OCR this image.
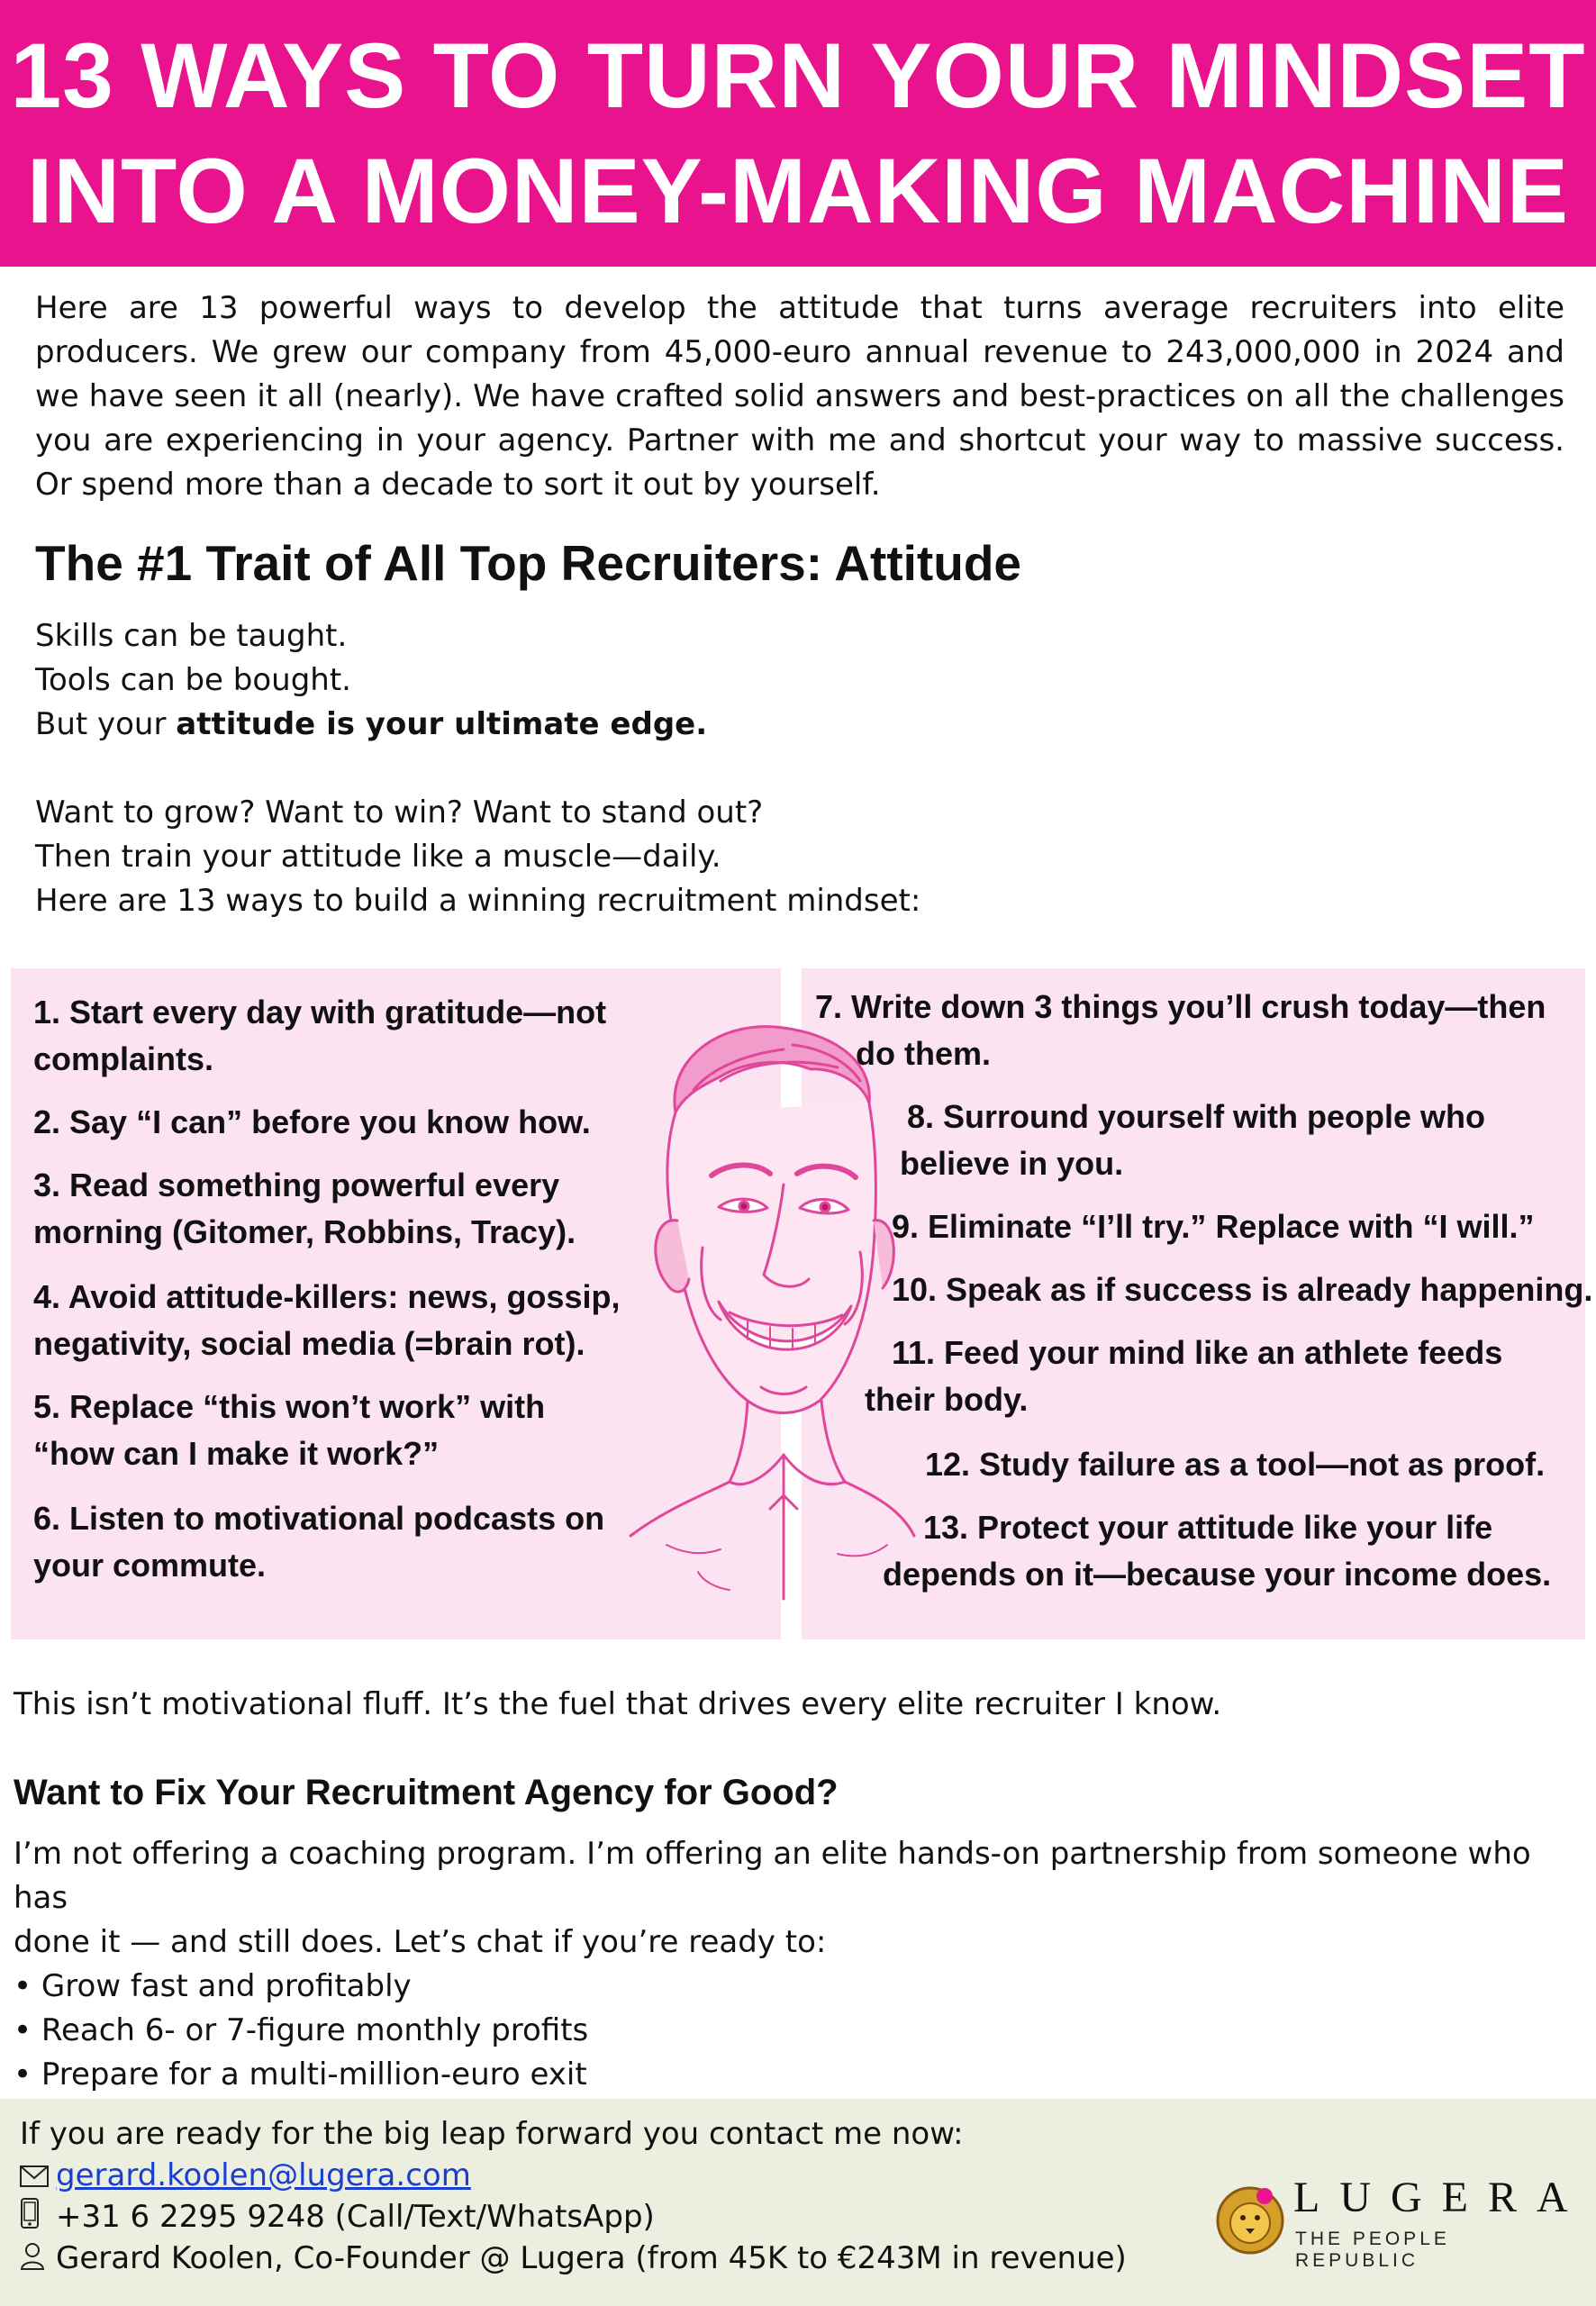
13 WAYS TO TURN YOUR MINDSET
INTO A MONEY-MAKING MACHINE

Here are 13 powerful ways to develop the attitude that turns average recruiters into elite producers. We grew our company from 45,000-euro annual revenue to 243,000,000 in 2024 and we have seen it all (nearly). We have crafted solid answers and best-practices on all the challenges you are experiencing in your agency. Partner with me and shortcut your way to massive success. Or spend more than a decade to sort it out by yourself.

The #1 Trait of All Top Recruiters: Attitude
Skills can be taught.
Tools can be bought.
But your attitude is your ultimate edge.
Want to grow? Want to win? Want to stand out?
Then train your attitude like a muscle—daily.
Here are 13 ways to build a winning recruitment mindset:
1. Start every day with gratitude—not
complaints.
2. Say “I can” before you know how.
3. Read something powerful every
morning (Gitomer, Robbins, Tracy).
4. Avoid attitude-killers: news, gossip,
negativity, social media (=brain rot).
5. Replace “this won’t work” with
“how can I make it work?”
6. Listen to motivational podcasts on
your commute.
7. Write down 3 things you’ll crush today—then
do them.
8. Surround yourself with people who
believe in you.
9. Eliminate “I’ll try.” Replace with “I will.”
10. Speak as if success is already happening.
11. Feed your mind like an athlete feeds
their body.
12. Study failure as a tool—not as proof.
13. Protect your attitude like your life
depends on it—because your income does.

This isn’t motivational fluff. It’s the fuel that drives every elite recruiter I know.

Want to Fix Your Recruitment Agency for Good?
I’m not offering a coaching program. I’m offering an elite hands-on partnership from someone who has
done it — and still does. Let’s chat if you’re ready to:
• Grow fast and profitably
• Reach 6- or 7-figure monthly profits
• Prepare for a multi-million-euro exit
If you are ready for the big leap forward you contact me now:
gerard.koolen@lugera.com
+31 6 2295 9248 (Call/Text/WhatsApp)
Gerard Koolen, Co-Founder @ Lugera (from 45K to €243M in revenue)
LUGERA
THE PEOPLE REPUBLIC
